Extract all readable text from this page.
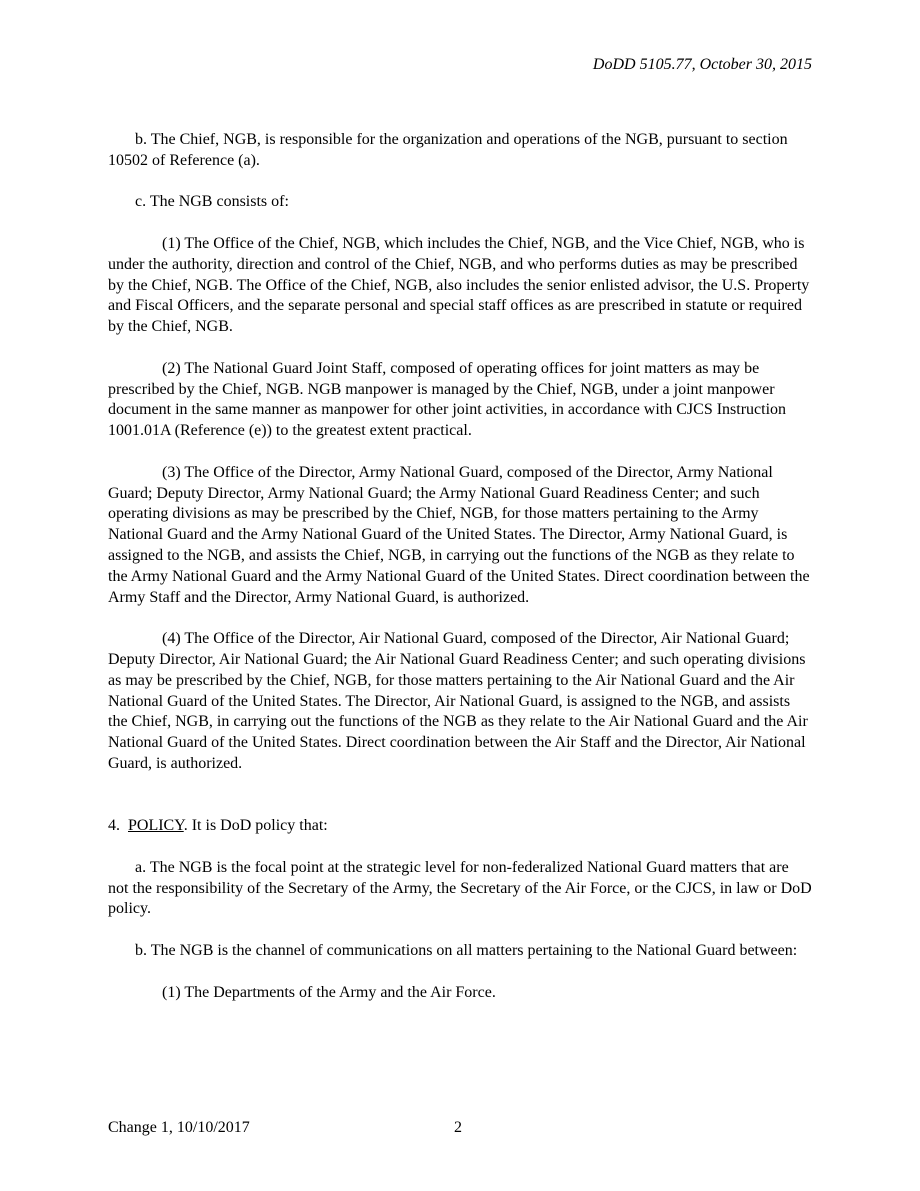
DoDD 5105.77, October 30, 2015

b. The Chief, NGB, is responsible for the organization and operations of the NGB, pursuant to section 10502 of Reference (a).

c. The NGB consists of:

(1) The Office of the Chief, NGB, which includes the Chief, NGB, and the Vice Chief, NGB, who is under the authority, direction and control of the Chief, NGB, and who performs duties as may be prescribed by the Chief, NGB. The Office of the Chief, NGB, also includes the senior enlisted advisor, the U.S. Property and Fiscal Officers, and the separate personal and special staff offices as are prescribed in statute or required by the Chief, NGB.

(2) The National Guard Joint Staff, composed of operating offices for joint matters as may be prescribed by the Chief, NGB. NGB manpower is managed by the Chief, NGB, under a joint manpower document in the same manner as manpower for other joint activities, in accordance with CJCS Instruction 1001.01A (Reference (e)) to the greatest extent practical.

(3) The Office of the Director, Army National Guard, composed of the Director, Army National Guard; Deputy Director, Army National Guard; the Army National Guard Readiness Center; and such operating divisions as may be prescribed by the Chief, NGB, for those matters pertaining to the Army National Guard and the Army National Guard of the United States. The Director, Army National Guard, is assigned to the NGB, and assists the Chief, NGB, in carrying out the functions of the NGB as they relate to the Army National Guard and the Army National Guard of the United States. Direct coordination between the Army Staff and the Director, Army National Guard, is authorized.

(4) The Office of the Director, Air National Guard, composed of the Director, Air National Guard; Deputy Director, Air National Guard; the Air National Guard Readiness Center; and such operating divisions as may be prescribed by the Chief, NGB, for those matters pertaining to the Air National Guard and the Air National Guard of the United States. The Director, Air National Guard, is assigned to the NGB, and assists the Chief, NGB, in carrying out the functions of the NGB as they relate to the Air National Guard and the Air National Guard of the United States. Direct coordination between the Air Staff and the Director, Air National Guard, is authorized.

4. POLICY. It is DoD policy that:

a. The NGB is the focal point at the strategic level for non-federalized National Guard matters that are not the responsibility of the Secretary of the Army, the Secretary of the Air Force, or the CJCS, in law or DoD policy.

b. The NGB is the channel of communications on all matters pertaining to the National Guard between:

(1) The Departments of the Army and the Air Force.

Change 1, 10/10/2017	2
